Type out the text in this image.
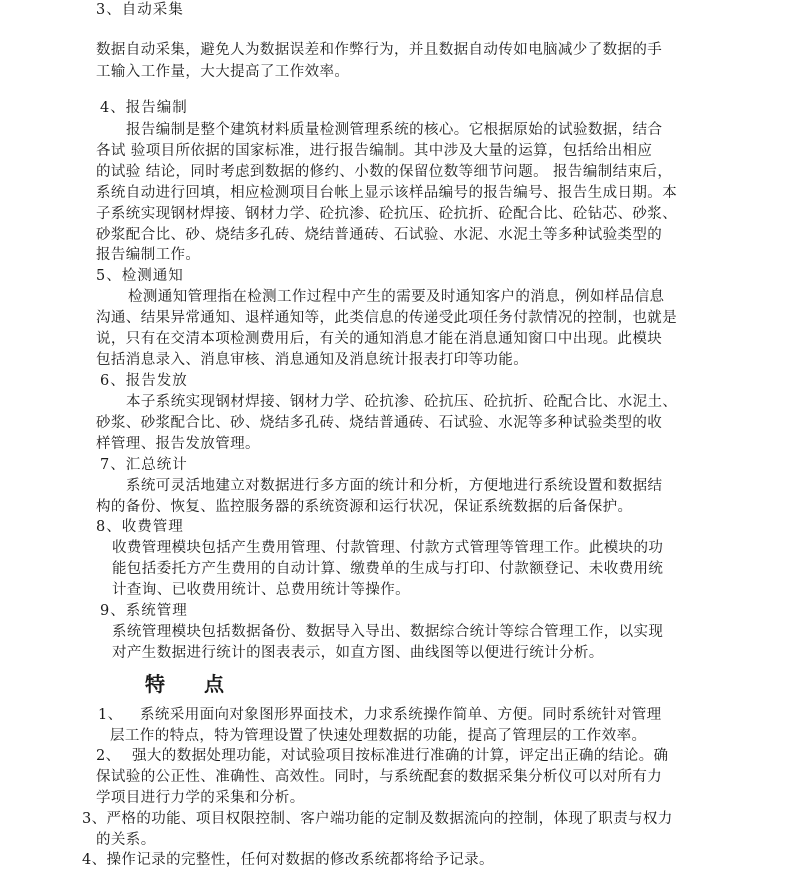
3、自动采集
数据自动采集，避免人为数据误差和作弊行为，并且数据自动传如电脑减少了数据的手
工输入工作量，大大提高了工作效率。
4、报告编制
报告编制是整个建筑材料质量检测管理系统的核心。它根据原始的试验数据，结合
各试 验项目所依据的国家标准，进行报告编制。其中涉及大量的运算，包括给出相应
的试验 结论，同时考虑到数据的修约、小数的保留位数等细节问题。 报告编制结束后，
系统自动进行回填，相应检测项目台帐上显示该样品编号的报告编号、报告生成日期。本
子系统实现钢材焊接、钢材力学、砼抗渗、砼抗压、砼抗折、砼配合比、砼钻芯、砂浆、
砂浆配合比、砂、烧结多孔砖、烧结普通砖、石试验、水泥、水泥土等多种试验类型的
报告编制工作。
5、检测通知
检测通知管理指在检测工作过程中产生的需要及时通知客户的消息，例如样品信息
沟通、结果异常通知、退样通知等，此类信息的传递受此项任务付款情况的控制，也就是
说，只有在交清本项检测费用后，有关的通知消息才能在消息通知窗口中出现。此模块
包括消息录入、消息审核、消息通知及消息统计报表打印等功能。
6、报告发放
本子系统实现钢材焊接、钢材力学、砼抗渗、砼抗压、砼抗折、砼配合比、水泥土、
砂浆、砂浆配合比、砂、烧结多孔砖、烧结普通砖、石试验、水泥等多种试验类型的收
样管理、报告发放管理。
7、汇总统计
系统可灵活地建立对数据进行多方面的统计和分析，方便地进行系统设置和数据结
构的备份、恢复、监控服务器的系统资源和运行状况，保证系统数据的后备保护。
8、收费管理
收费管理模块包括产生费用管理、付款管理、付款方式管理等管理工作。此模块的功
能包括委托方产生费用的自动计算、缴费单的生成与打印、付款额登记、未收费用统
计查询、已收费用统计、总费用统计等操作。
9、系统管理
系统管理模块包括数据备份、数据导入导出、数据综合统计等综合管理工作，以实现
对产生数据进行统计的图表表示，如直方图、曲线图等以便进行统计分析。
特 点
1、 系统采用面向对象图形界面技术，力求系统操作简单、方便。同时系统针对管理
层工作的特点，特为管理设置了快速处理数据的功能，提高了管理层的工作效率。
2、 强大的数据处理功能，对试验项目按标准进行准确的计算，评定出正确的结论。确
保试验的公正性、准确性、高效性。同时，与系统配套的数据采集分析仪可以对所有力
学项目进行力学的采集和分析。
3、严格的功能、项目权限控制、客户端功能的定制及数据流向的控制，体现了职责与权力
的关系。
4、操作记录的完整性，任何对数据的修改系统都将给予记录。
